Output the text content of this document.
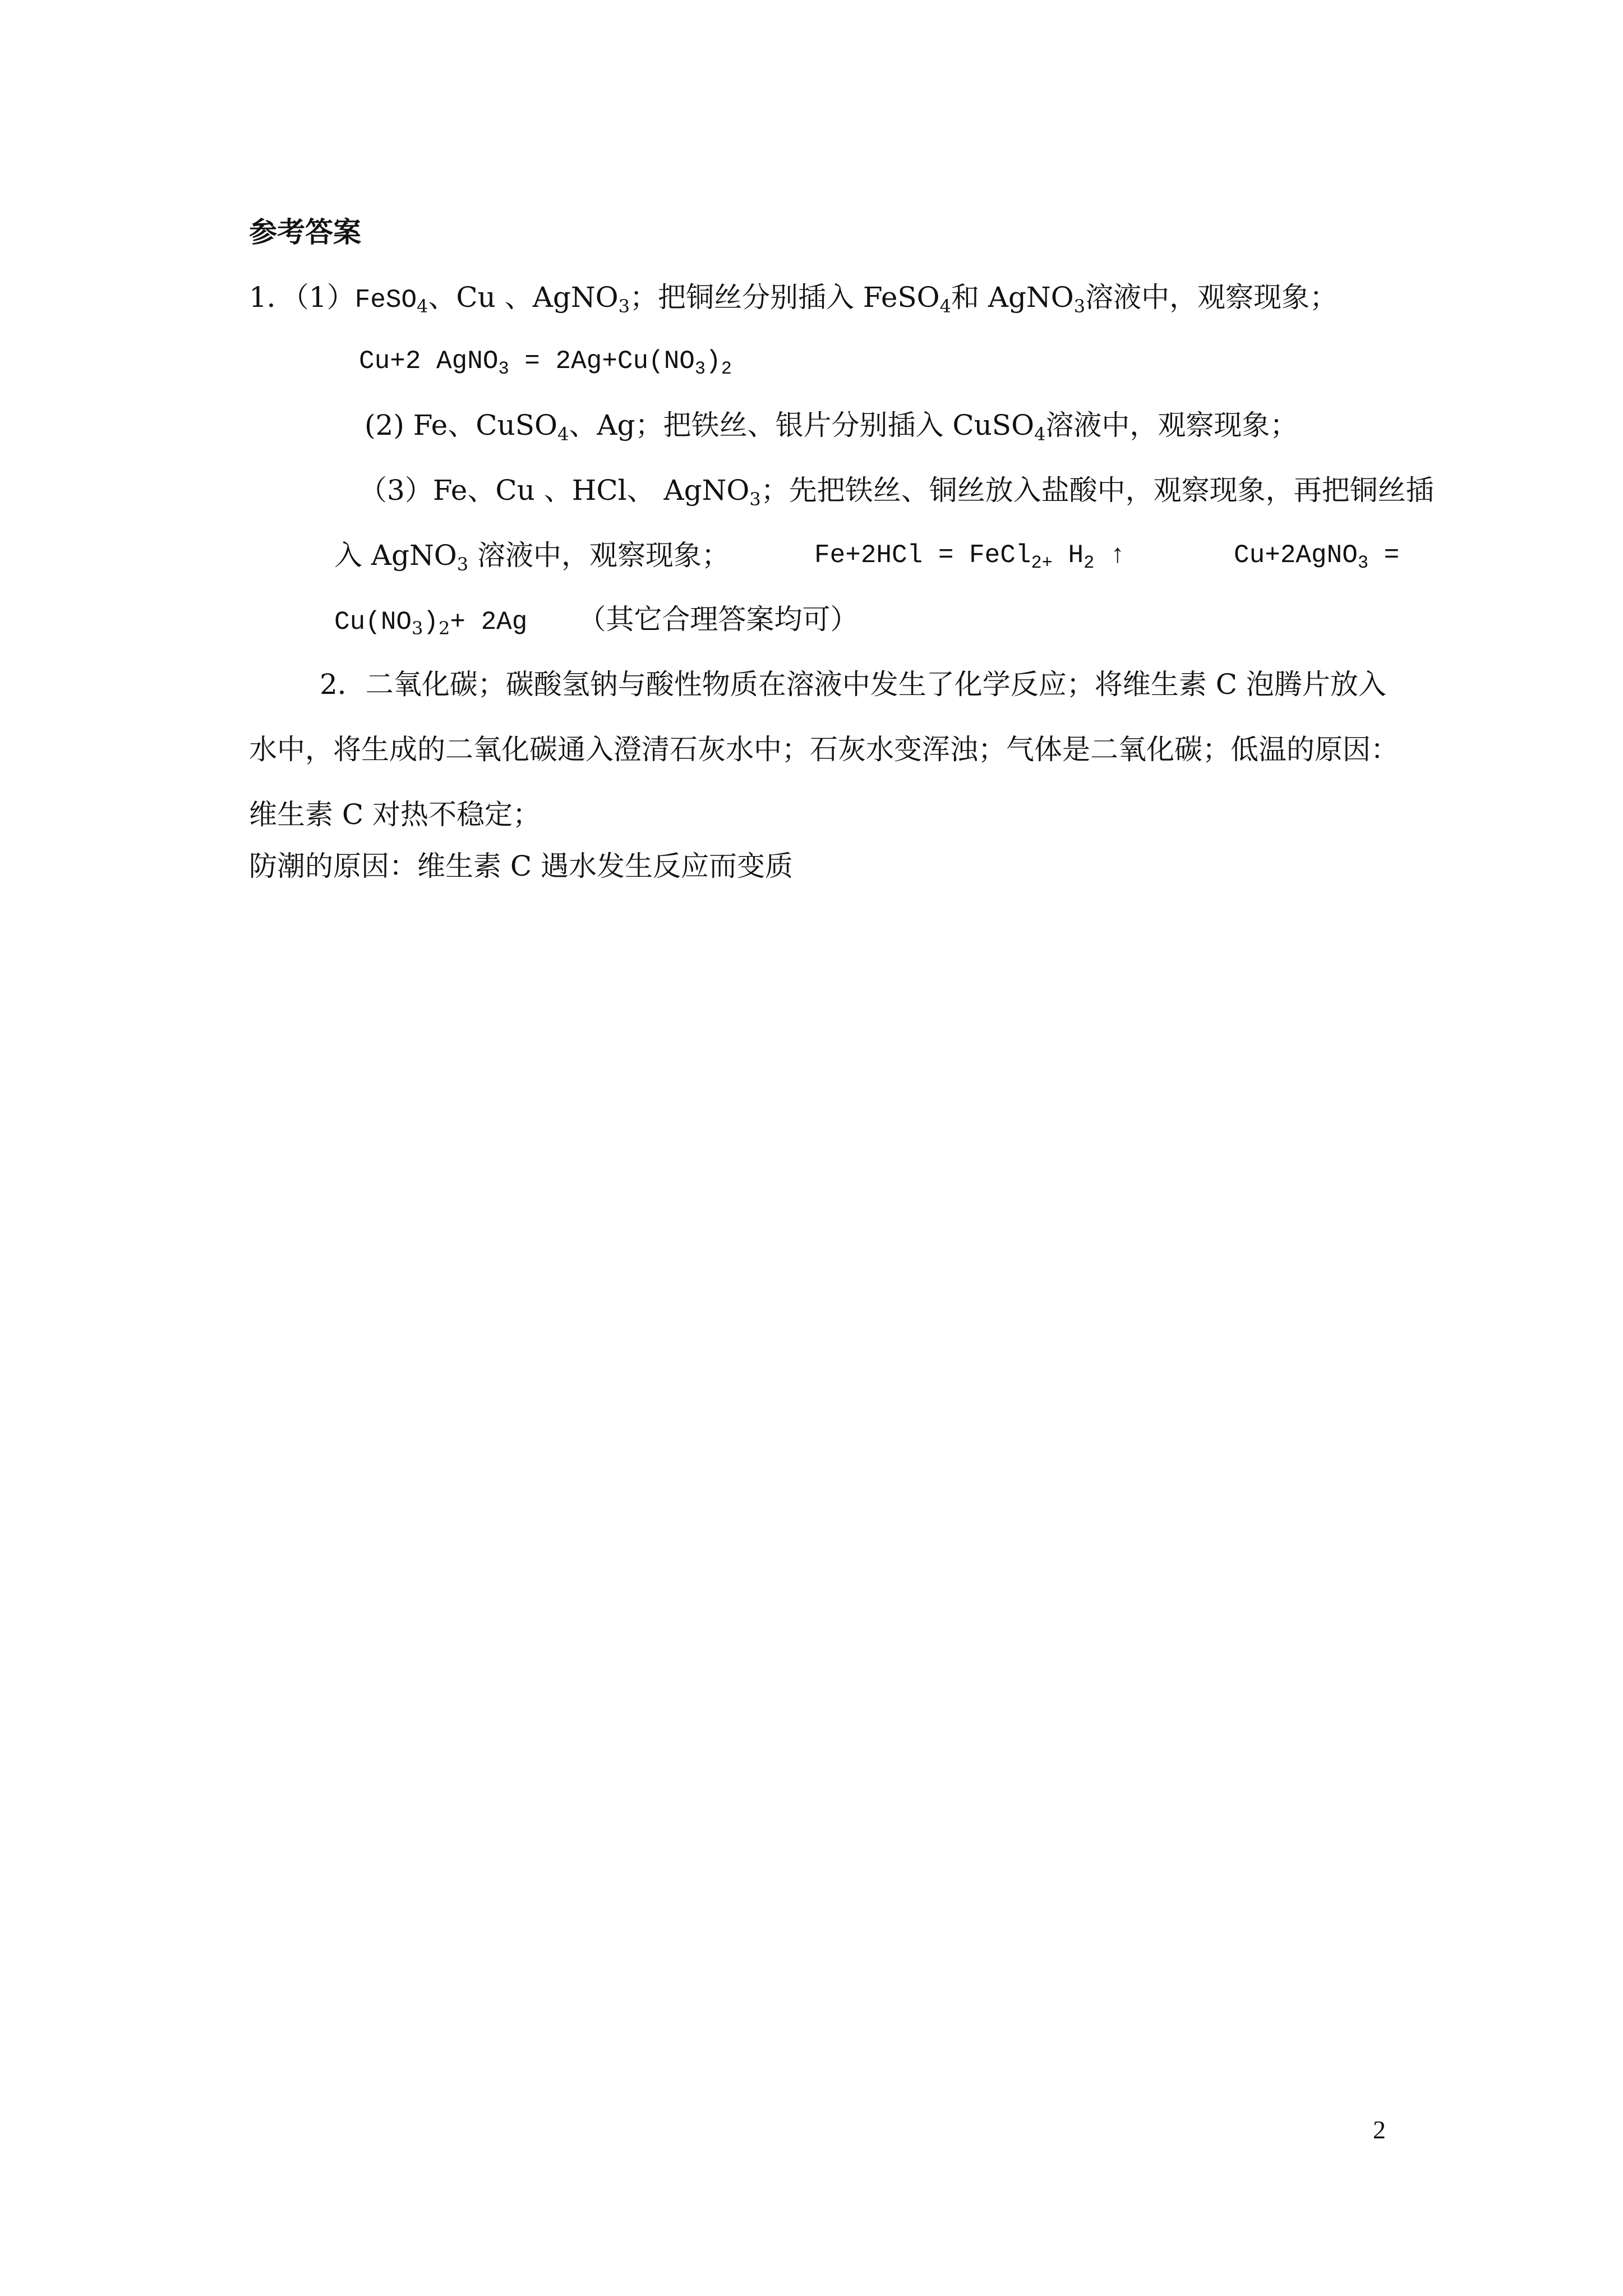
参考答案
1．（1）FeSO$_4$、Cu 、AgNO$_3$；把铜丝分别插入 FeSO$_4$和 AgNO$_3$溶液中，观察现象；
Cu+2 AgNO$_3$ = $2Ag+Cu(NO_3)_2$
(2) Fe、CuSO$_4$、Ag；把铁丝、银片分别插入 CuSO$_4$溶液中，观察现象；
（3）Fe、Cu 、HCl、 AgNO$_3$；先把铁丝、铜丝放入盐酸中，观察现象，再把铜丝插
入 AgNO$_3$ 溶液中，观察现象；	Fe+2HCl = FeCl$_{2+}$ $H_2$ ↑	Cu+2AgNO$_3$ =
$Cu(NO_3)_2+ 2Ag$ （其它合理答案均可）
2．二氧化碳；碳酸氢钠与酸性物质在溶液中发生了化学反应；将维生素 C 泡腾片放入
水中，将生成的二氧化碳通入澄清石灰水中；石灰水变浑浊；气体是二氧化碳；低温的原因：
维生素 C 对热不稳定；
防潮的原因：维生素 C 遇水发生反应而变质
2
